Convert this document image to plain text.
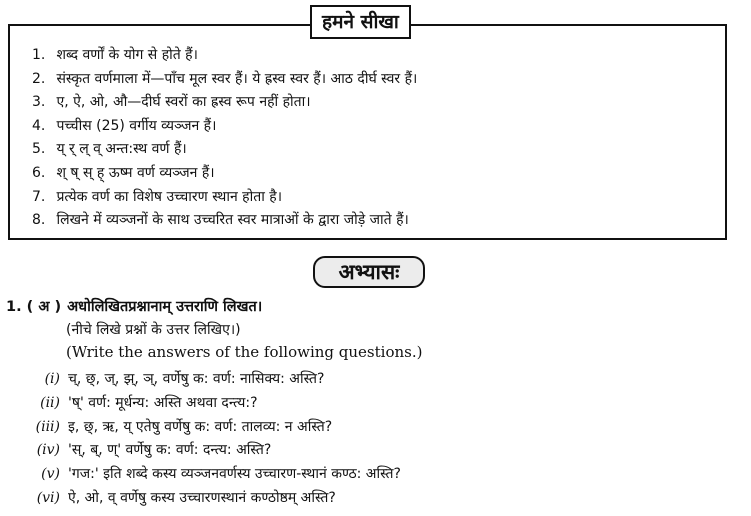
1. शब्द वर्णों के योग से होते हैं।
2. संस्कृत वर्णमाला में—पाँच मूल स्वर हैं। ये ह्रस्व स्वर हैं। आठ दीर्घ स्वर हैं।
3. ए, ऐ, ओ, औ—दीर्घ स्वरों का ह्रस्व रूप नहीं होता।
4. पच्चीस (25) वर्गीय व्यञ्जन हैं।
5. य् र् ल् व् अन्त:स्थ वर्ण हैं।
6. श् ष् स् ह् ऊष्म वर्ण व्यञ्जन हैं।
7. प्रत्येक वर्ण का विशेष उच्चारण स्थान होता है।
8. लिखने में व्यञ्जनों के साथ उच्चरित स्वर मात्राओं के द्वारा जोड़े जाते हैं।
हमने सीखा
अभ्यासः
1. ( अ ) अधोलिखितप्रश्नानाम् उत्तराणि लिखत।
(नीचे लिखे प्रश्नों के उत्तर लिखिए।)
(Write the answers of the following questions.)
(i) च्, छ्, ज्, झ्, ञ्, वर्णेषु क: वर्ण: नासिक्य: अस्ति?
(ii) 'ष्' वर्ण: मूर्धन्य: अस्ति अथवा दन्त्य:?
(iii) इ, छ्, ऋ, य् एतेषु वर्णेषु क: वर्ण: तालव्य: न अस्ति?
(iv) 'स्, ब्, ण्' वर्णेषु क: वर्ण: दन्त्य: अस्ति?
(v) 'गज:' इति शब्दे कस्य व्यञ्जनवर्णस्य उच्चारण-स्थानं कण्ठ: अस्ति?
(vi) ऐ, ओ, व् वर्णेषु कस्य उच्चारणस्थानं कण्ठोष्ठम् अस्ति?
